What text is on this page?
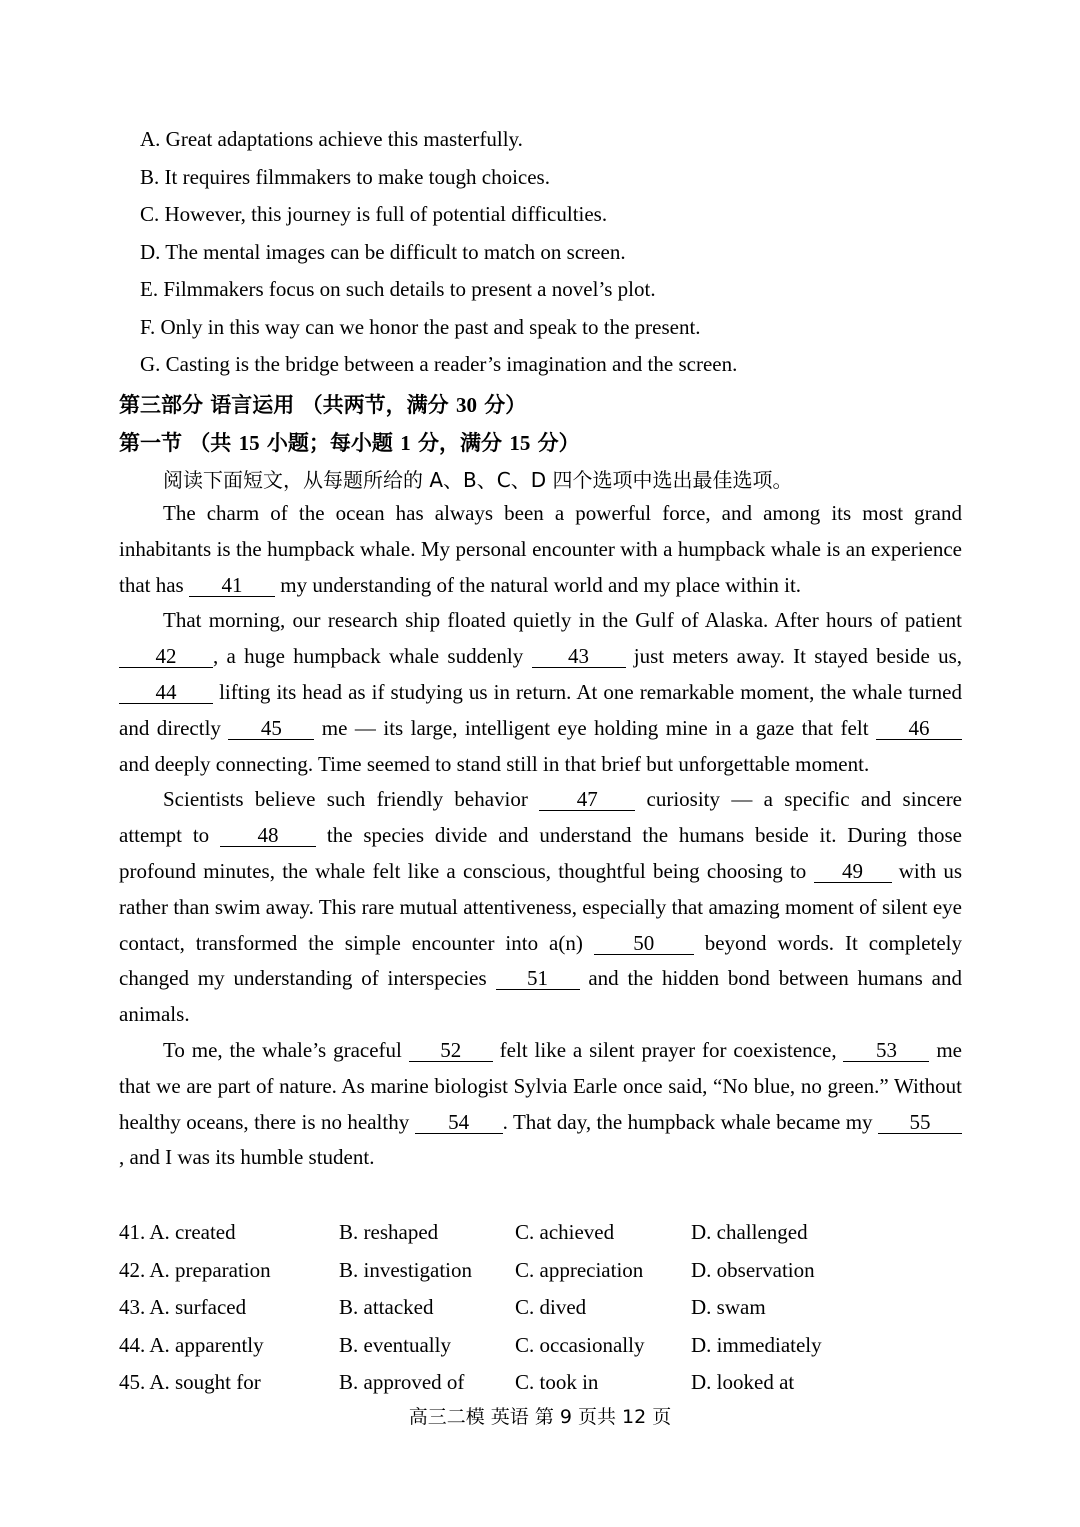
A. Great adaptations achieve this masterfully.
B. It requires filmmakers to make tough choices.
C. However, this journey is full of potential difficulties.
D. The mental images can be difficult to match on screen.
E. Filmmakers focus on such details to present a novel’s plot.
F. Only in this way can we honor the past and speak to the present.
G. Casting is the bridge between a reader’s imagination and the screen.
第三部分 语言运用 （共两节，满分 30 分）
第一节 （共 15 小题；每小题 1 分，满分 15 分）
阅读下面短文，从每题所给的 A、B、C、D 四个选项中选出最佳选项。

The charm of the ocean has always been a powerful force, and among its most grand inhabitants is the humpback whale. My personal encounter with a humpback whale is an experience that has 41 my understanding of the natural world and my place within it.

That morning, our research ship floated quietly in the Gulf of Alaska. After hours of patient 42 , a huge humpback whale suddenly 43 just meters away. It stayed beside us, 44 lifting its head as if studying us in return. At one remarkable moment, the whale turned and directly 45 me — its large, intelligent eye holding mine in a gaze that felt 46 and deeply connecting. Time seemed to stand still in that brief but unforgettable moment.

Scientists believe such friendly behavior 47 curiosity — a specific and sincere attempt to 48 the species divide and understand the humans beside it. During those profound minutes, the whale felt like a conscious, thoughtful being choosing to 49 with us rather than swim away. This rare mutual attentiveness, especially that amazing moment of silent eye contact, transformed the simple encounter into a(n) 50 beyond words. It completely changed my understanding of interspecies 51 and the hidden bond between humans and animals.

To me, the whale’s graceful 52 felt like a silent prayer for coexistence, 53 me that we are part of nature. As marine biologist Sylvia Earle once said, “No blue, no green.” Without healthy oceans, there is no healthy 54 . That day, the humpback whale became my 55, and I was its humble student.

41. A. created	B. reshaped	C. achieved	D. challenged
42. A. preparation	B. investigation C. appreciation D. observation
43. A. surfaced	B. attacked	C. dived	D. swam
44. A. apparently	B. eventually	C. occasionally D. immediately
45. A. sought for	B. approved of C. took in	D. looked at
高三二模 英语 第 9 页共 12 页
